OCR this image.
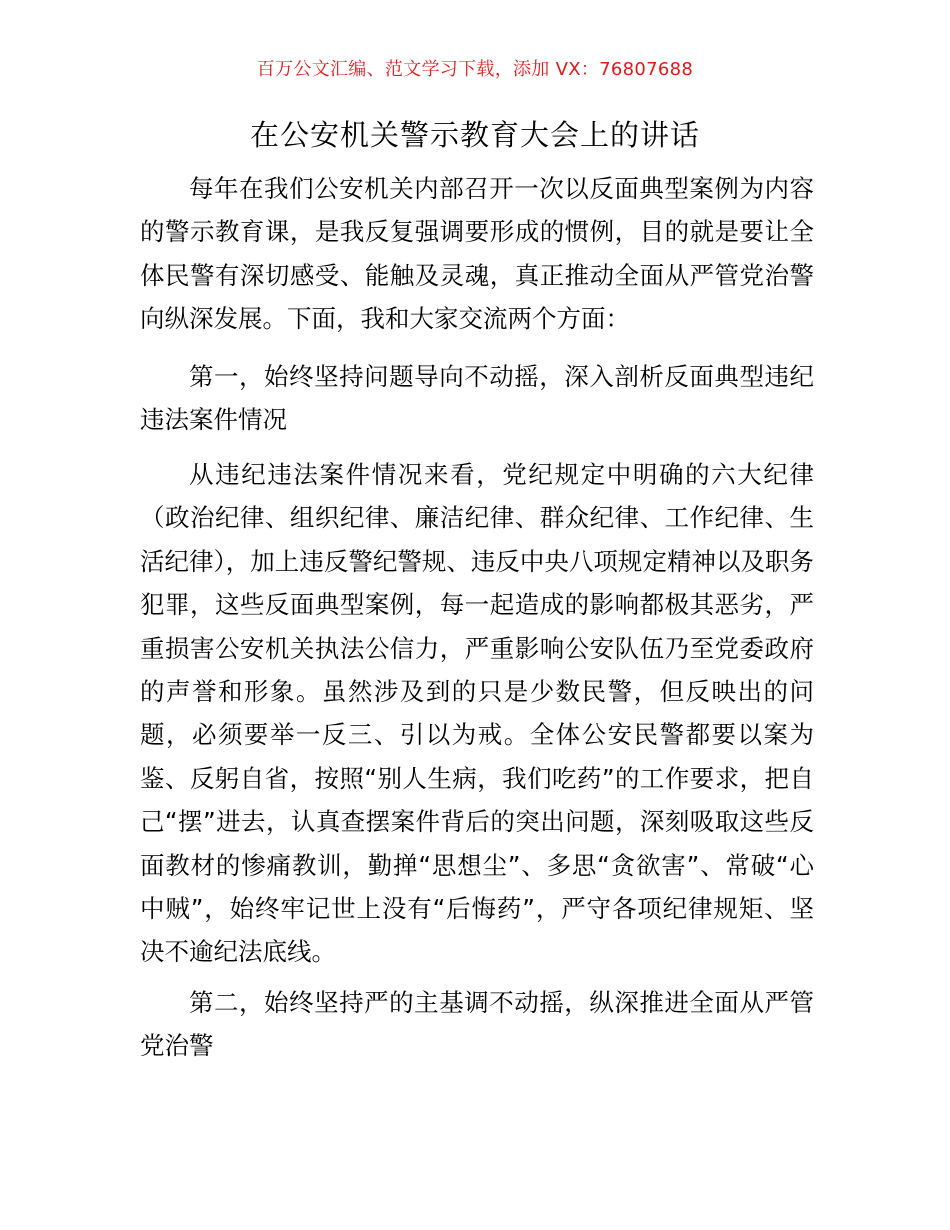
百万公文汇编、范文学习下载，添加 VX：76807688
在公安机关警示教育大会上的讲话

每年在我们公安机关内部召开一次以反面典型案例为内容的警示教育课，是我反复强调要形成的惯例，目的就是要让全体民警有深切感受、能触及灵魂，真正推动全面从严管党治警向纵深发展。下面，我和大家交流两个方面：

第一，始终坚持问题导向不动摇，深入剖析反面典型违纪违法案件情况

从违纪违法案件情况来看，党纪规定中明确的六大纪律（政治纪律、组织纪律、廉洁纪律、群众纪律、工作纪律、生活纪律），加上违反警纪警规、违反中央八项规定精神以及职务犯罪，这些反面典型案例，每一起造成的影响都极其恶劣，严重损害公安机关执法公信力，严重影响公安队伍乃至党委政府的声誉和形象。虽然涉及到的只是少数民警，但反映出的问题，必须要举一反三、引以为戒。全体公安民警都要以案为鉴、反躬自省，按照“别人生病，我们吃药”的工作要求，把自己“摆”进去，认真查摆案件背后的突出问题，深刻吸取这些反面教材的惨痛教训，勤掸“思想尘”、多思“贪欲害”、常破“心中贼”，始终牢记世上没有“后悔药”，严守各项纪律规矩、坚决不逾纪法底线。

第二，始终坚持严的主基调不动摇，纵深推进全面从严管党治警
